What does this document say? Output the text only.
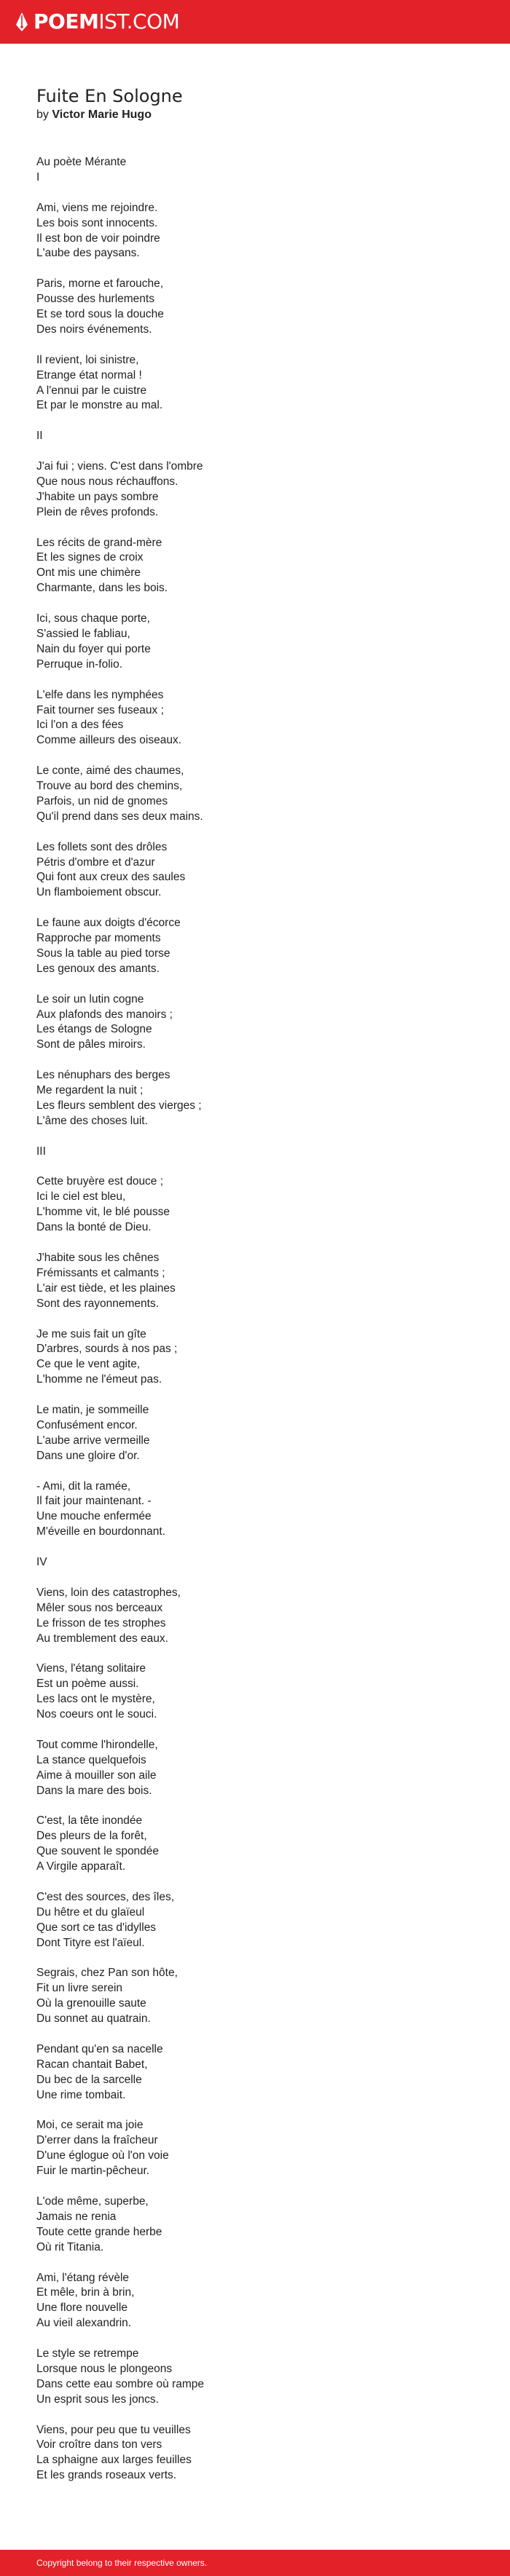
POEMIST.COM
Fuite En Sologne
by Victor Marie Hugo

Au poète Mérante
I

Ami, viens me rejoindre.
Les bois sont innocents.
Il est bon de voir poindre
L'aube des paysans.

Paris, morne et farouche,
Pousse des hurlements
Et se tord sous la douche
Des noirs événements.

Il revient, loi sinistre,
Etrange état normal !
A l'ennui par le cuistre
Et par le monstre au mal.

II

J'ai fui ; viens. C'est dans l'ombre
Que nous nous réchauffons.
J'habite un pays sombre
Plein de rêves profonds.

Les récits de grand-mère
Et les signes de croix
Ont mis une chimère
Charmante, dans les bois.

Ici, sous chaque porte,
S'assied le fabliau,
Nain du foyer qui porte
Perruque in-folio.

L'elfe dans les nymphées
Fait tourner ses fuseaux ;
Ici l'on a des fées
Comme ailleurs des oiseaux.

Le conte, aimé des chaumes,
Trouve au bord des chemins,
Parfois, un nid de gnomes
Qu'il prend dans ses deux mains.

Les follets sont des drôles
Pétris d'ombre et d'azur
Qui font aux creux des saules
Un flamboiement obscur.

Le faune aux doigts d'écorce
Rapproche par moments
Sous la table au pied torse
Les genoux des amants.

Le soir un lutin cogne
Aux plafonds des manoirs ;
Les étangs de Sologne
Sont de pâles miroirs.

Les nénuphars des berges
Me regardent la nuit ;
Les fleurs semblent des vierges ;
L'âme des choses luit.

III

Cette bruyère est douce ;
Ici le ciel est bleu,
L'homme vit, le blé pousse
Dans la bonté de Dieu.

J'habite sous les chênes
Frémissants et calmants ;
L'air est tiède, et les plaines
Sont des rayonnements.

Je me suis fait un gîte
D'arbres, sourds à nos pas ;
Ce que le vent agite,
L'homme ne l'émeut pas.

Le matin, je sommeille
Confusément encor.
L'aube arrive vermeille
Dans une gloire d'or.

- Ami, dit la ramée,
Il fait jour maintenant. -
Une mouche enfermée
M'éveille en bourdonnant.

IV

Viens, loin des catastrophes,
Mêler sous nos berceaux
Le frisson de tes strophes
Au tremblement des eaux.

Viens, l'étang solitaire
Est un poème aussi.
Les lacs ont le mystère,
Nos coeurs ont le souci.

Tout comme l'hirondelle,
La stance quelquefois
Aime à mouiller son aile
Dans la mare des bois.

C'est, la tête inondée
Des pleurs de la forêt,
Que souvent le spondée
A Virgile apparaît.

C'est des sources, des îles,
Du hêtre et du glaïeul
Que sort ce tas d'idylles
Dont Tityre est l'aïeul.

Segrais, chez Pan son hôte,
Fit un livre serein
Où la grenouille saute
Du sonnet au quatrain.

Pendant qu'en sa nacelle
Racan chantait Babet,
Du bec de la sarcelle
Une rime tombait.

Moi, ce serait ma joie
D'errer dans la fraîcheur
D'une églogue où l'on voie
Fuir le martin-pêcheur.

L'ode même, superbe,
Jamais ne renia
Toute cette grande herbe
Où rit Titania.

Ami, l'étang révèle
Et mêle, brin à brin,
Une flore nouvelle
Au vieil alexandrin.

Le style se retrempe
Lorsque nous le plongeons
Dans cette eau sombre où rampe
Un esprit sous les joncs.

Viens, pour peu que tu veuilles
Voir croître dans ton vers
La sphaigne aux larges feuilles
Et les grands roseaux verts.

Copyright belong to their respective owners.
